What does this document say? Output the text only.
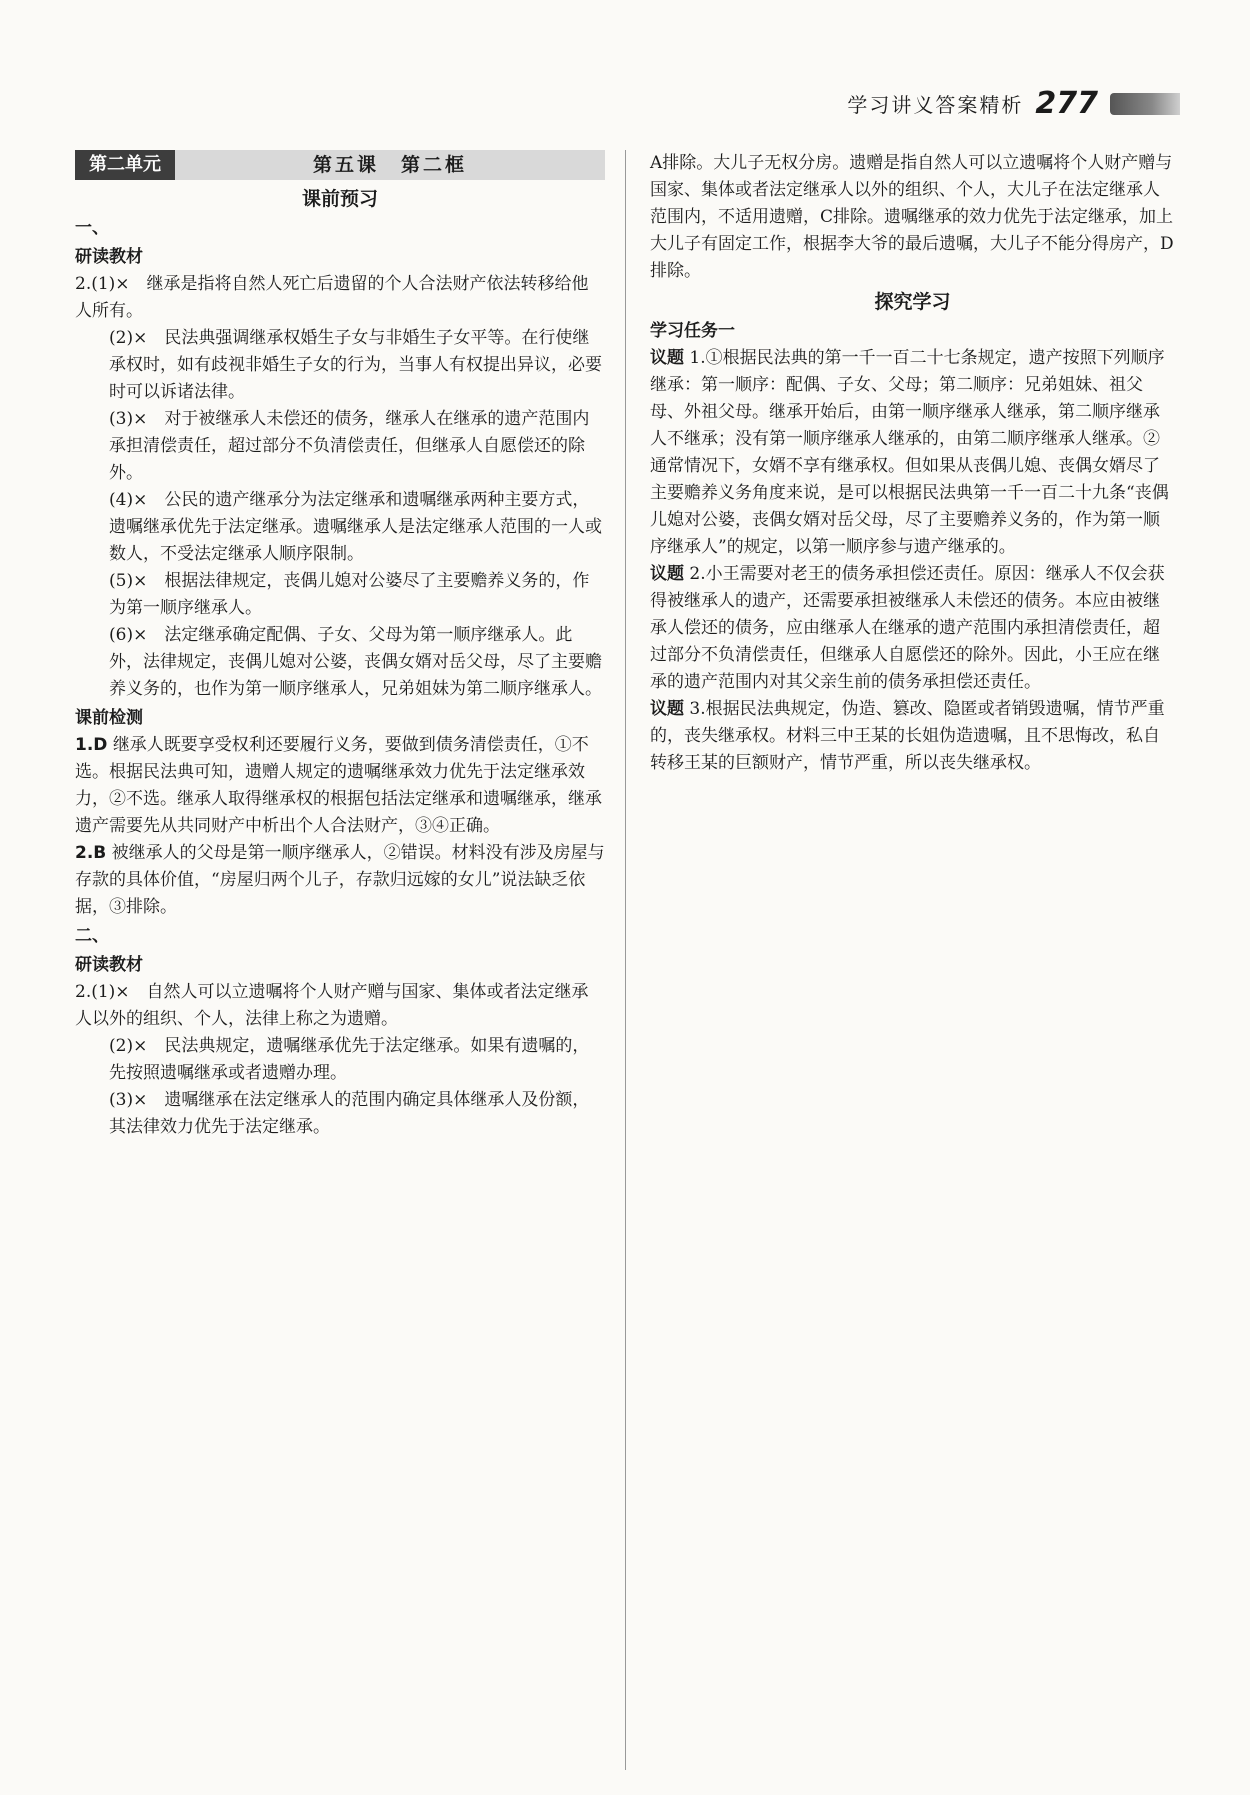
学习讲义答案精析 277
第二单元	第五课　第二框
课前预习
一、
研读教材

2.(1)×　继承是指将自然人死亡后遗留的个人合法财产依法转移给他人所有。

(2)×　民法典强调继承权婚生子女与非婚生子女平等。在行使继承权时，如有歧视非婚生子女的行为，当事人有权提出异议，必要时可以诉诸法律。

(3)×　对于被继承人未偿还的债务，继承人在继承的遗产范围内承担清偿责任，超过部分不负清偿责任，但继承人自愿偿还的除外。

(4)×　公民的遗产继承分为法定继承和遗嘱继承两种主要方式，遗嘱继承优先于法定继承。遗嘱继承人是法定继承人范围的一人或数人，不受法定继承人顺序限制。

(5)×　根据法律规定，丧偶儿媳对公婆尽了主要赡养义务的，作为第一顺序继承人。

(6)×　法定继承确定配偶、子女、父母为第一顺序继承人。此外，法律规定，丧偶儿媳对公婆，丧偶女婿对岳父母，尽了主要赡养义务的，也作为第一顺序继承人，兄弟姐妹为第二顺序继承人。

课前检测

1.D 继承人既要享受权利还要履行义务，要做到债务清偿责任，①不选。根据民法典可知，遗赠人规定的遗嘱继承效力优先于法定继承效力，②不选。继承人取得继承权的根据包括法定继承和遗嘱继承，继承遗产需要先从共同财产中析出个人合法财产，③④正确。

2.B 被继承人的父母是第一顺序继承人，②错误。材料没有涉及房屋与存款的具体价值，“房屋归两个儿子，存款归远嫁的女儿”说法缺乏依据，③排除。

二、
研读教材

2.(1)×　自然人可以立遗嘱将个人财产赠与国家、集体或者法定继承人以外的组织、个人，法律上称之为遗赠。

(2)×　民法典规定，遗嘱继承优先于法定继承。如果有遗嘱的，先按照遗嘱继承或者遗赠办理。

(3)×　遗嘱继承在法定继承人的范围内确定具体继承人及份额，其法律效力优先于法定继承。

A排除。大儿子无权分房。遗赠是指自然人可以立遗嘱将个人财产赠与国家、集体或者法定继承人以外的组织、个人，大儿子在法定继承人范围内，不适用遗赠，C排除。遗嘱继承的效力优先于法定继承，加上大儿子有固定工作，根据李大爷的最后遗嘱，大儿子不能分得房产，D排除。

探究学习
学习任务一

议题 1.①根据民法典的第一千一百二十七条规定，遗产按照下列顺序继承：第一顺序：配偶、子女、父母；第二顺序：兄弟姐妹、祖父母、外祖父母。继承开始后，由第一顺序继承人继承，第二顺序继承人不继承；没有第一顺序继承人继承的，由第二顺序继承人继承。②通常情况下，女婿不享有继承权。但如果从丧偶儿媳、丧偶女婿尽了主要赡养义务角度来说，是可以根据民法典第一千一百二十九条“丧偶儿媳对公婆，丧偶女婿对岳父母，尽了主要赡养义务的，作为第一顺序继承人”的规定，以第一顺序参与遗产继承的。

议题 2.小王需要对老王的债务承担偿还责任。原因：继承人不仅会获得被继承人的遗产，还需要承担被继承人未偿还的债务。本应由被继承人偿还的债务，应由继承人在继承的遗产范围内承担清偿责任，超过部分不负清偿责任，但继承人自愿偿还的除外。因此，小王应在继承的遗产范围内对其父亲生前的债务承担偿还责任。

议题 3.根据民法典规定，伪造、篡改、隐匿或者销毁遗嘱，情节严重的，丧失继承权。材料三中王某的长姐伪造遗嘱，且不思悔改，私自转移王某的巨额财产，情节严重，所以丧失继承权。
